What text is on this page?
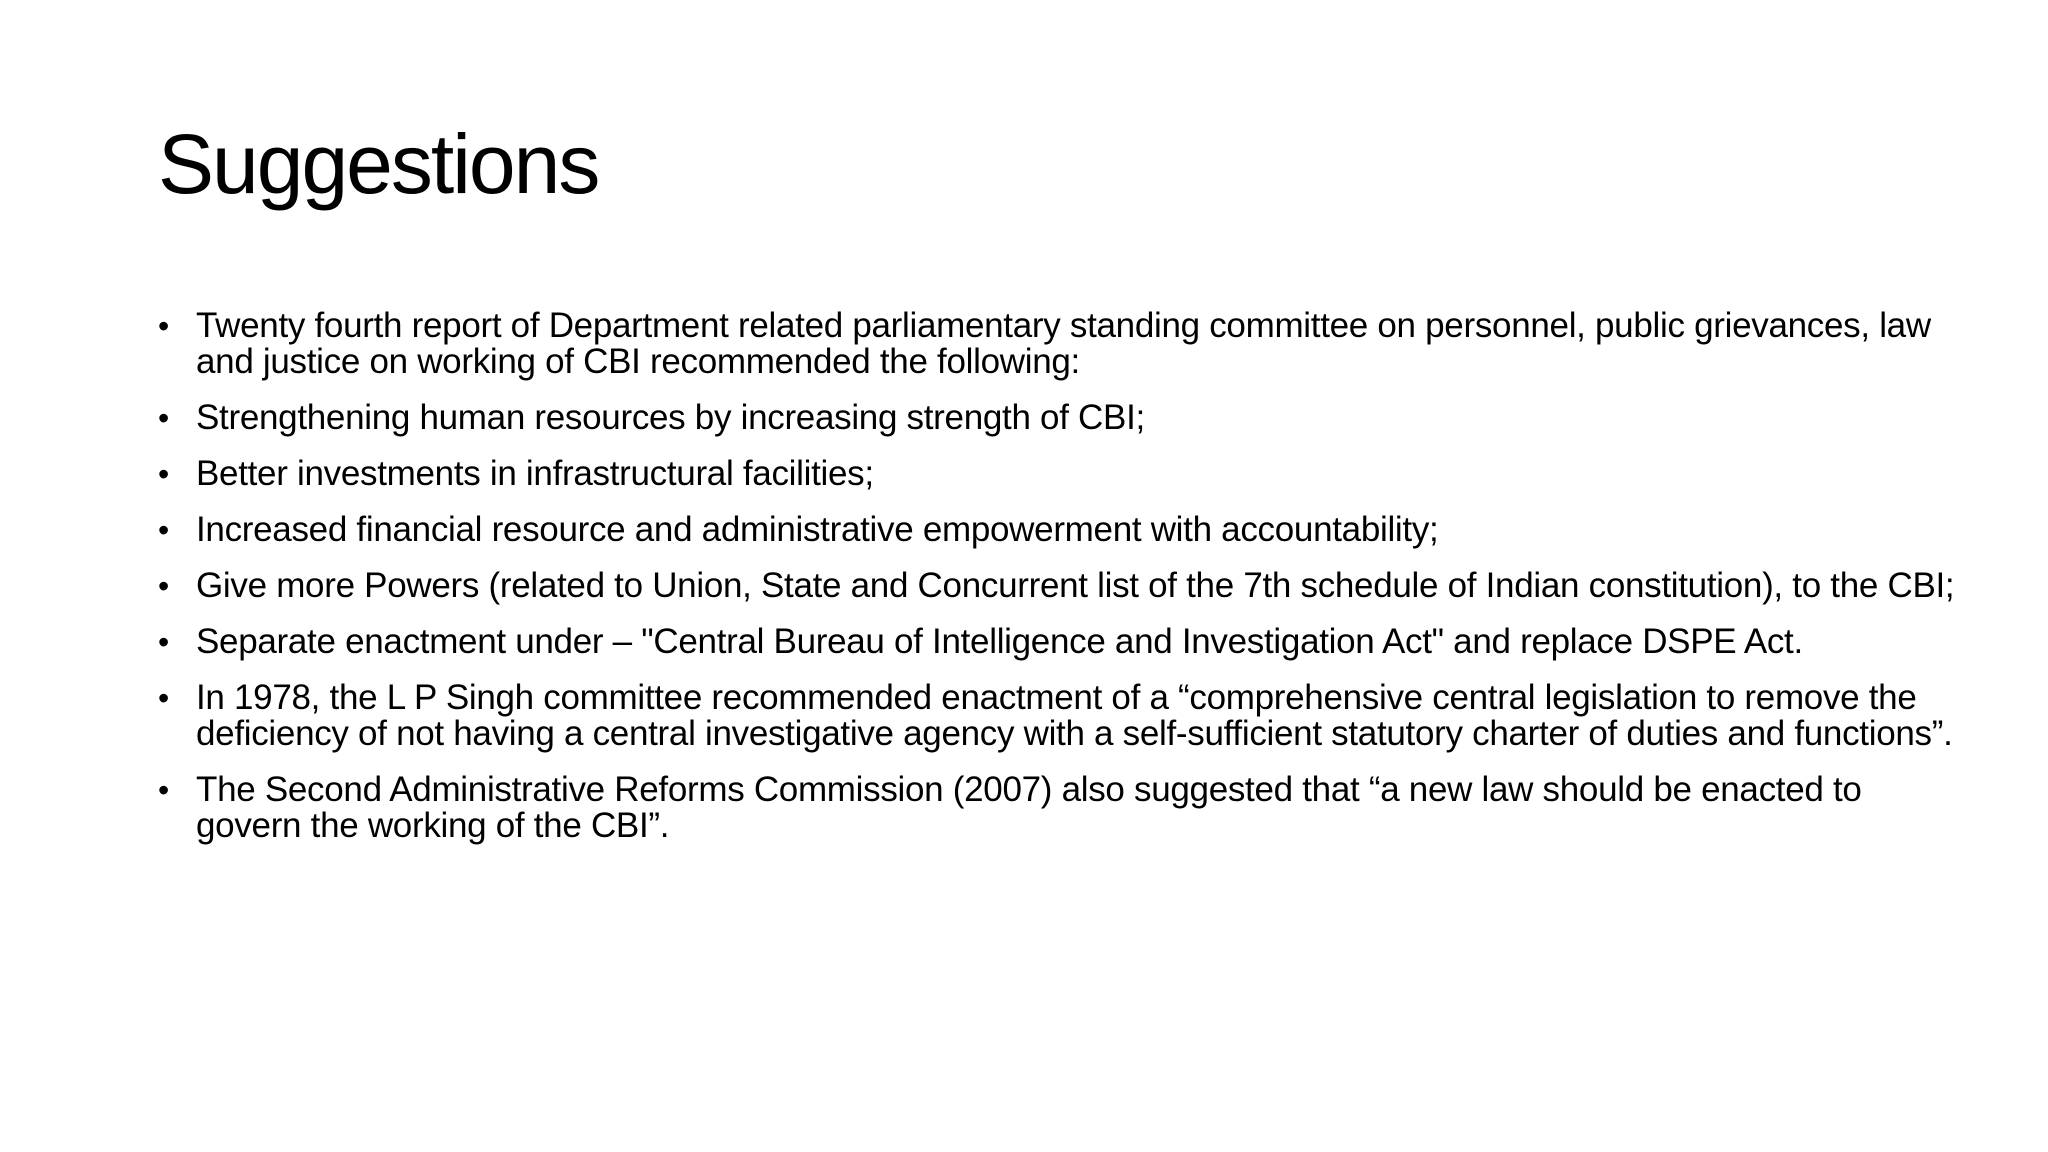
Suggestions
• Twenty fourth report of Department related parliamentary standing committee on personnel, public grievances, law and justice on working of CBI recommended the following:
• Strengthening human resources by increasing strength of CBI;
• Better investments in infrastructural facilities;
• Increased financial resource and administrative empowerment with accountability;
• Give more Powers (related to Union, State and Concurrent list of the 7th schedule of Indian constitution), to the CBI;
• Separate enactment under – "Central Bureau of Intelligence and Investigation Act" and replace DSPE Act.
• In 1978, the L P Singh committee recommended enactment of a “comprehensive central legislation to remove the deficiency of not having a central investigative agency with a self-sufficient statutory charter of duties and functions”.
• The Second Administrative Reforms Commission (2007) also suggested that “a new law should be enacted to govern the working of the CBI”.
